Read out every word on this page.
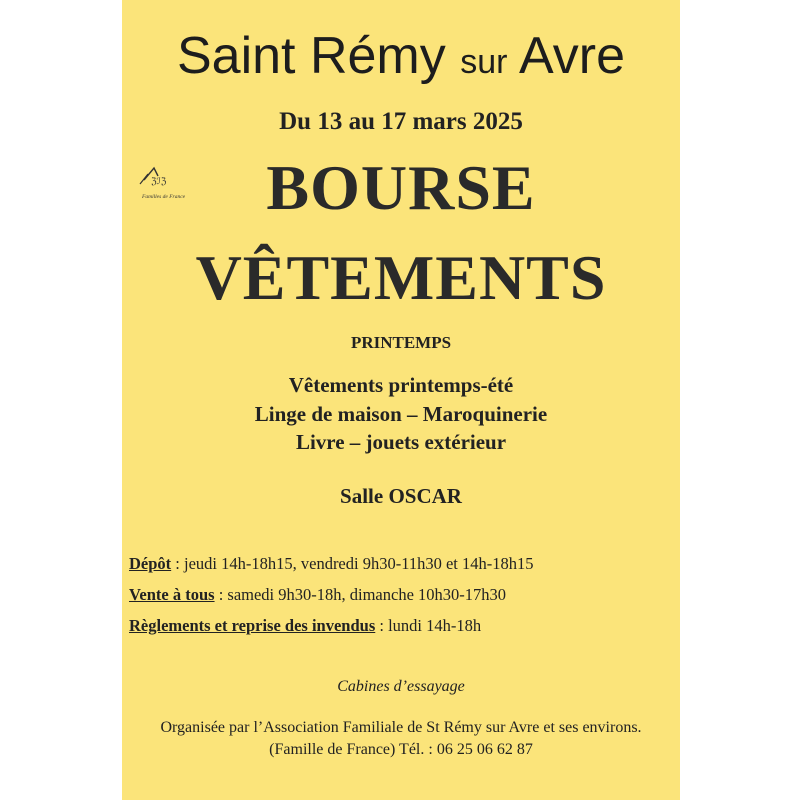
ℨℐℨ
Familles de France
Saint Rémy sur Avre
Du 13 au 17 mars 2025
BOURSE
VÊTEMENTS
PRINTEMPS
Vêtements printemps-été
Linge de maison – Maroquinerie
Livre – jouets extérieur
Salle OSCAR
Dépôt : jeudi 14h-18h15, vendredi 9h30-11h30 et 14h-18h15
Vente à tous : samedi 9h30-18h, dimanche 10h30-17h30
Règlements et reprise des invendus : lundi 14h-18h
Cabines d’essayage
Organisée par l’Association Familiale de St Rémy sur Avre et ses environs.
(Famille de France) Tél. : 06 25 06 62 87
